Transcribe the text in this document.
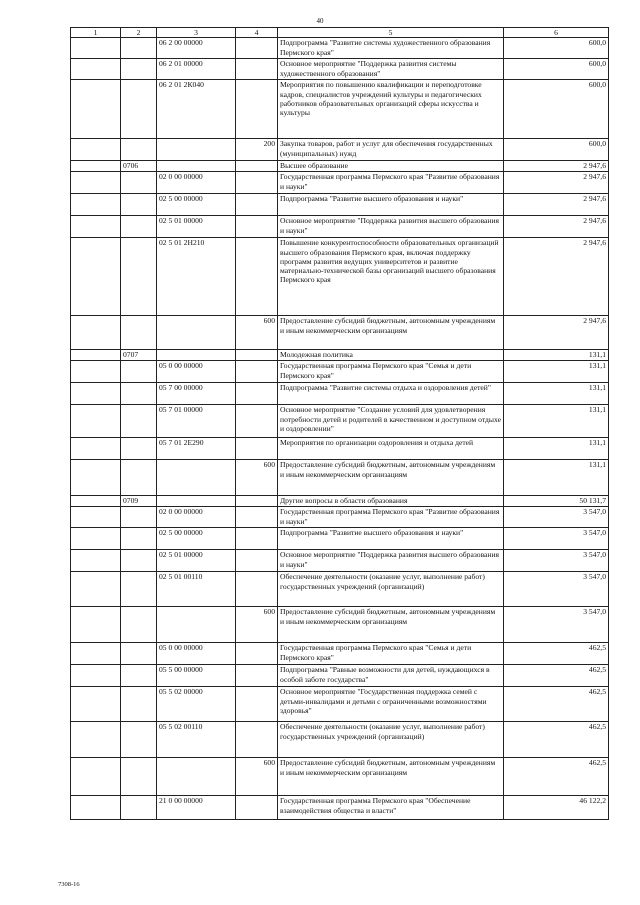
40
1	2	3	4	5	6
		06 2 00 00000		Подпрограмма "Развитие системы художественного образования Пермского края"	600,0
		06 2 01 00000		Основное мероприятие "Поддержка развития системы художественного образования"	600,0
		06 2 01 2К040		Мероприятия по повышению квалификации и переподготовке кадров, специалистов учреждений культуры и педагогических работников образовательных организаций сферы искусства и культуры	600,0
			200	Закупка товаров, работ и услуг для обеспечения государственных (муниципальных) нужд	600,0
	0706			Высшее образование	2 947,6
		02 0 00 00000		Государственная программа Пермского края "Развитие образования и науки"	2 947,6
		02 5 00 00000		Подпрограмма "Развитие высшего образования и науки"	2 947,6
		02 5 01 00000		Основное мероприятие "Поддержка развития высшего образования и науки"	2 947,6
		02 5 01 2Н210		Повышение конкурентоспособности образовательных организаций высшего образования Пермского края, включая поддержку программ развития ведущих университетов и развитие материально-технической базы организаций высшего образования Пермского края	2 947,6
			600	Предоставление субсидий бюджетным, автономным учреждениям и иным некоммерческим организациям	2 947,6
	0707			Молодежная политика	131,1
		05 0 00 00000		Государственная программа Пермского края "Семья и дети Пермского края"	131,1
		05 7 00 00000		Подпрограмма "Развитие системы отдыха и оздоровления детей"	131,1
		05 7 01 00000		Основное мероприятие "Создание условий для удовлетворения потребности детей и родителей в качественном и доступном отдыхе и оздоровлении"	131,1
		05 7 01 2Е290		Мероприятия по организации оздоровления и отдыха детей	131,1
			600	Предоставление субсидий бюджетным, автономным учреждениям и иным некоммерческим организациям	131,1
	0709			Другие вопросы в области образования	50 131,7
		02 0 00 00000		Государственная программа Пермского края "Развитие образования и науки"	3 547,0
		02 5 00 00000		Подпрограмма "Развитие высшего образования и науки"	3 547,0
		02 5 01 00000		Основное мероприятие "Поддержка развития высшего образования и науки"	3 547,0
		02 5 01 00110		Обеспечение деятельности (оказание услуг, выполнение работ) государственных учреждений (организаций)	3 547,0
			600	Предоставление субсидий бюджетным, автономным учреждениям и иным некоммерческим организациям	3 547,0
		05 0 00 00000		Государственная программа Пермского края "Семья и дети Пермского края"	462,5
		05 5 00 00000		Подпрограмма "Равные возможности для детей, нуждающихся в особой заботе государства"	462,5
		05 5 02 00000		Основное мероприятие "Государственная поддержка семей с детьми-инвалидами и детьми с ограниченными возможностями здоровья"	462,5
		05 5 02 00110		Обеспечение деятельности (оказание услуг, выполнение работ) государственных учреждений (организаций)	462,5
			600	Предоставление субсидий бюджетным, автономным учреждениям и иным некоммерческим организациям	462,5
		21 0 00 00000		Государственная программа Пермского края "Обеспечение взаимодействия общества и власти"	46 122,2
7308-16
